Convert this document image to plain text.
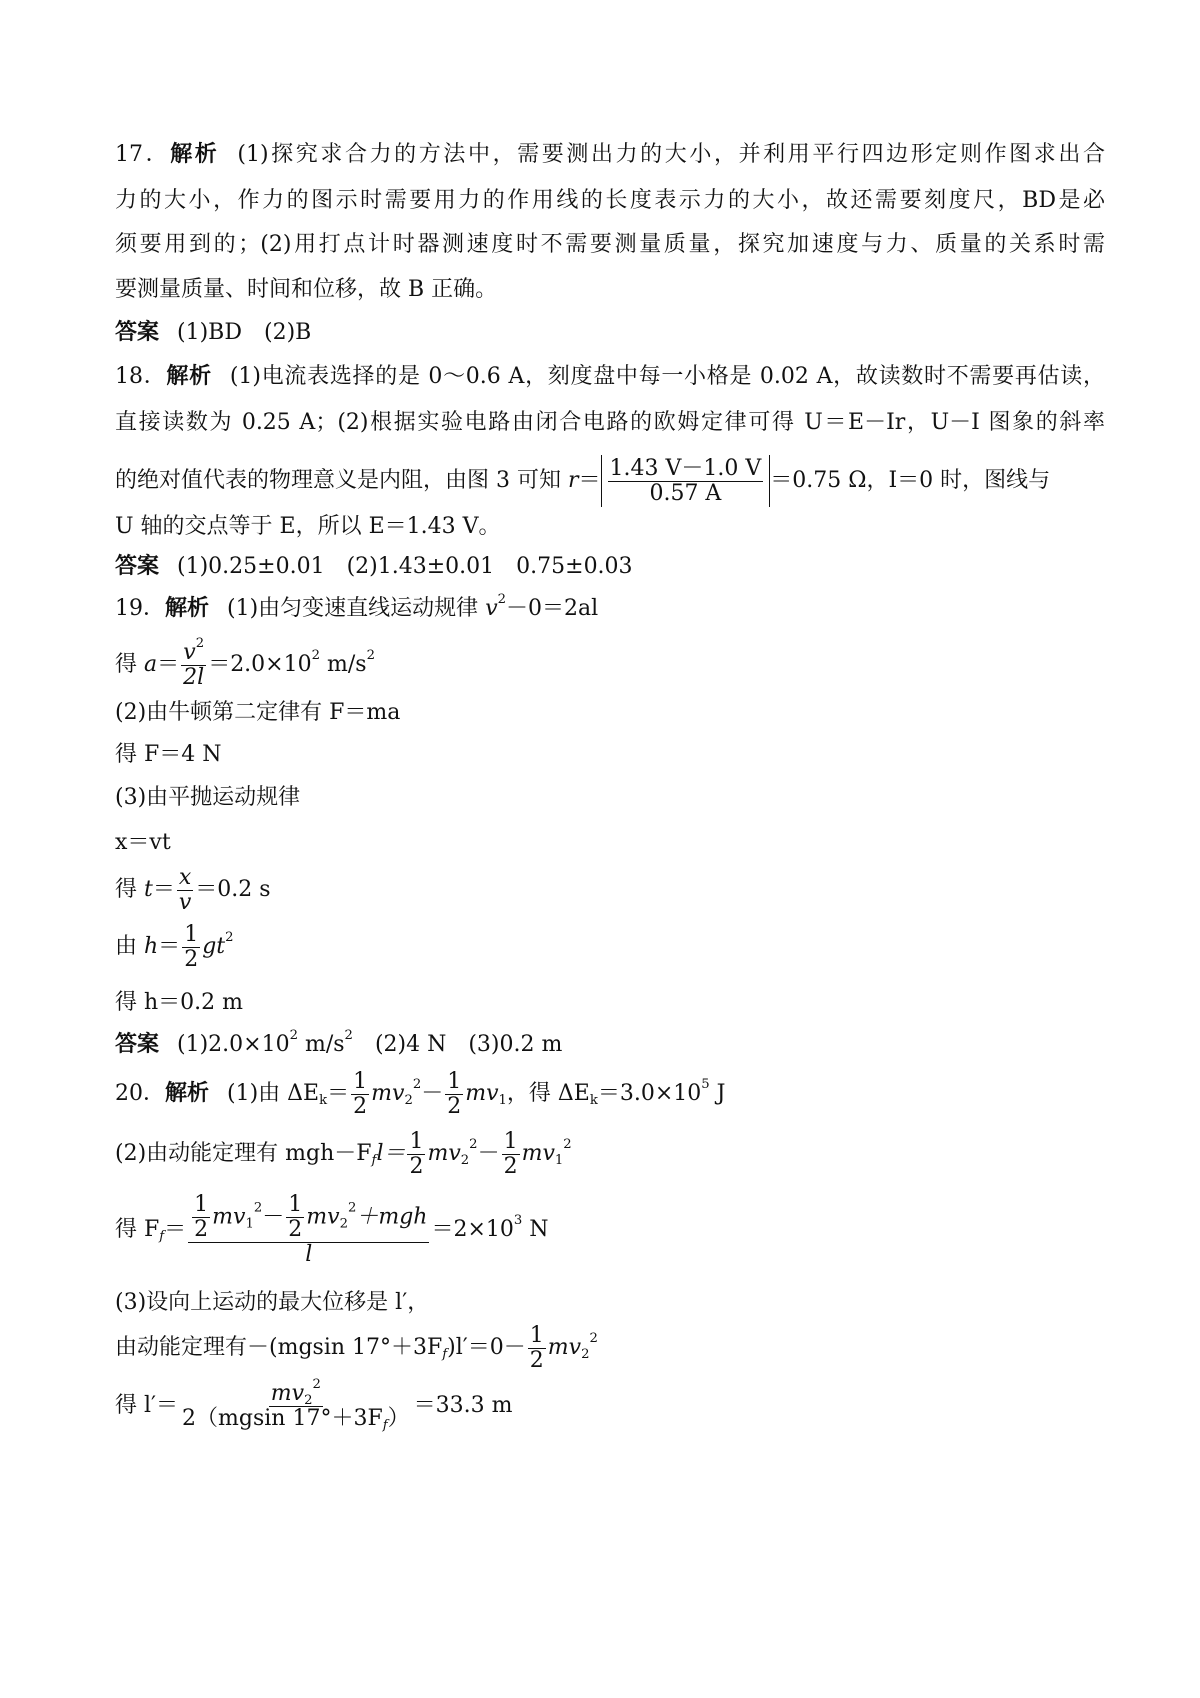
17．解析 (1)探究求合力的方法中，需要测出力的大小，并利用平行四边形定则作图求出合
力的大小，作力的图示时需要用力的作用线的长度表示力的大小，故还需要刻度尺，BD是必
须要用到的；(2)用打点计时器测速度时不需要测量质量，探究加速度与力、质量的关系时需
要测量质量、时间和位移，故 B 正确。
答案 (1)BD　(2)B
18．解析 (1)电流表选择的是 0～0.6 A，刻度盘中每一小格是 0.02 A，故读数时不需要再估读，
直接读数为 0.25 A；(2)根据实验电路由闭合电路的欧姆定律可得 U＝E－Ir，U－I 图象的斜率
的绝对值代表的物理意义是内阻，由图 3 可知 $r= \frac{1.43 V-1.0 V}{0.57 A} =0.75$ Ω，I＝0 时，图线与
U 轴的交点等于 E，所以 E＝1.43 V。
答案 (1)0.25±0.01　(2)1.43±0.01　0.75±0.03
19．解析 (1)由匀变速直线运动规律 $v^2-0=2al$
得 $a= \frac{v^2}{2l} =2.0\times 10^2$ $m/s^2$
(2)由牛顿第二定律有 F＝ma
得 F＝4 N
(3)由平抛运动规律
x＝vt
得 $t= \frac{x}{v} =0.2$ s
由 $h= \frac{1}{2} gt^2$
得 h＝0.2 m
答案 $(1)2.0\times 10^2$ $m/s^2$　(2)4 N　(3)0.2 m
20．解析 (1)由 $\Delta E_k= \frac{1}{2} mv_2^2- \frac{1}{2} mv_1$，得 $\Delta E_k=3.0\times 10^5$ J
(2)由动能定理有 $mgh-F_fl= \frac{1}{2} mv_2^2- \frac{1}{2} mv_1^2$
得 $F_f= \frac{\frac{1}{2} mv_1^2- \frac{1}{2} mv_2^2+mgh}{l} =2\times 10^3$ N
(3)设向上运动的最大位移是 l′，
由动能定理有－(mgsin $17^\circ+3F_f)l'=0- \frac{1}{2} mv_2^2$
得 $l'= \frac{mv_2^2}{2(mgsin 17^\circ+3F_f)} =33.3$ m
